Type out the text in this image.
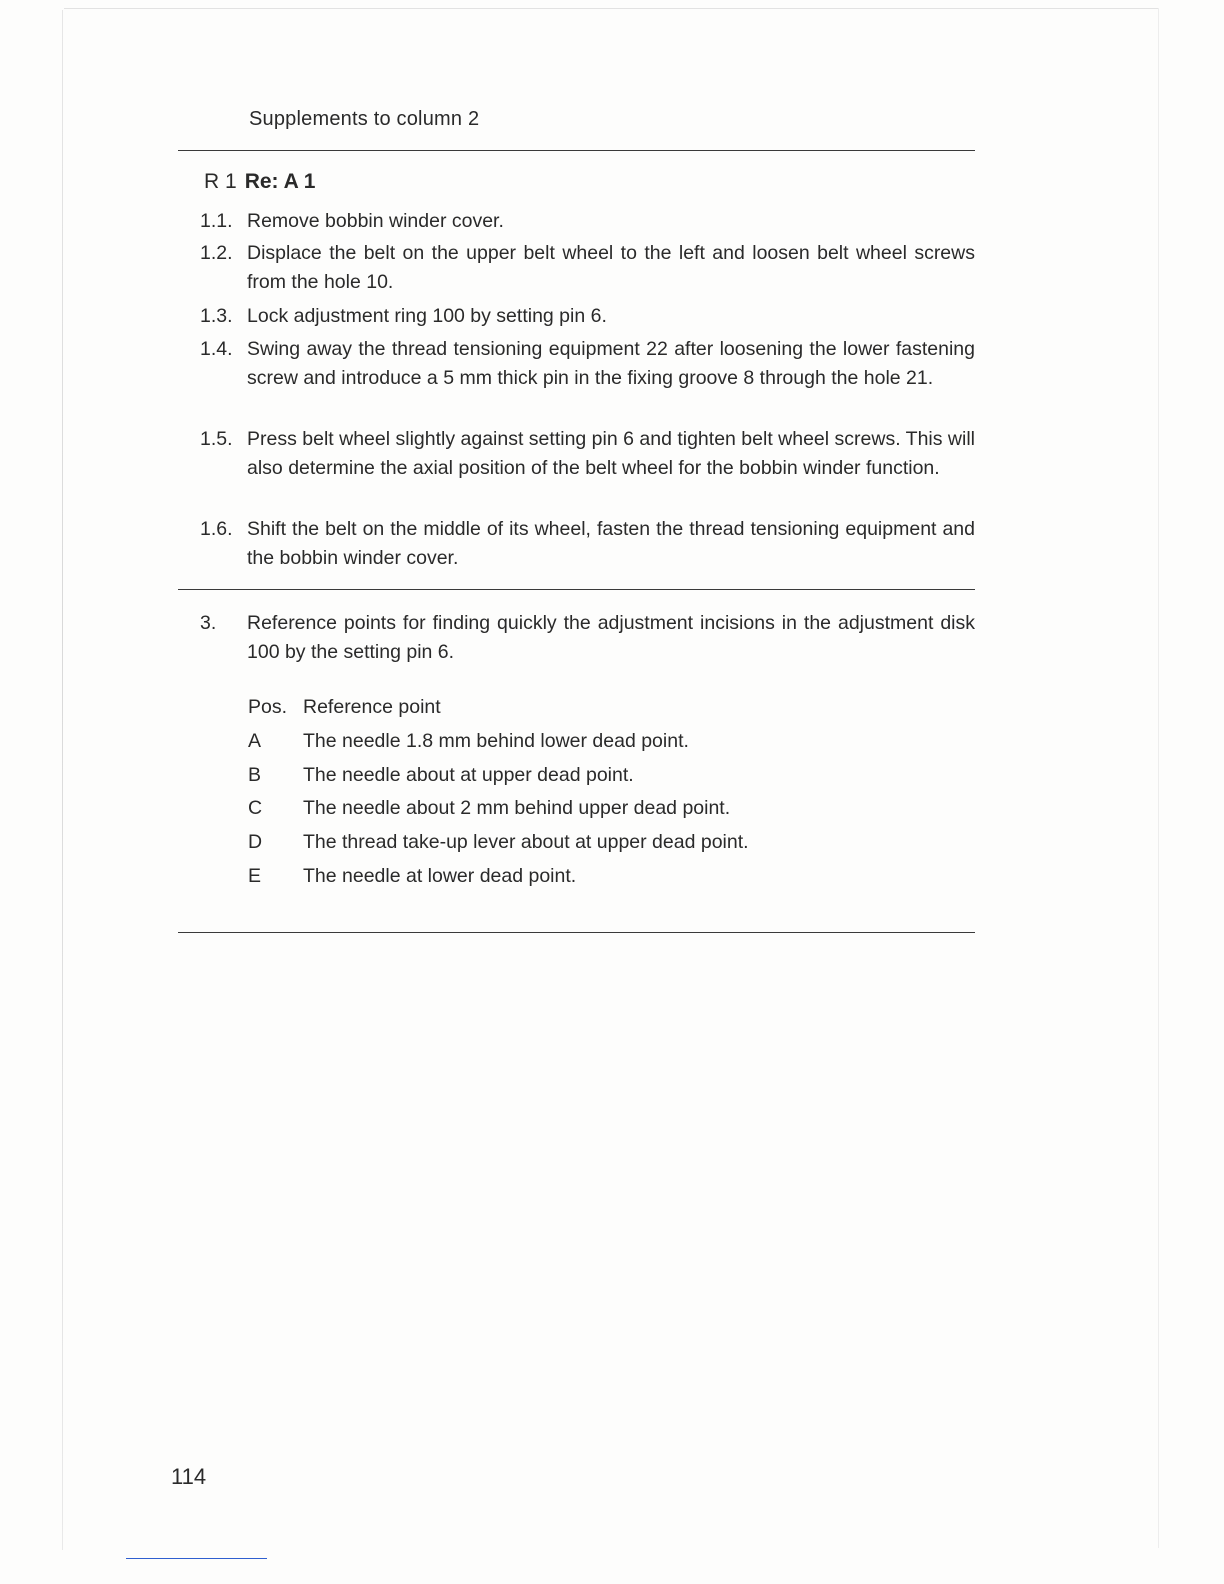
Supplements to column 2
R 1 Re: A 1
1.1. Remove bobbin winder cover.
1.2. Displace the belt on the upper belt wheel to the left and loosen belt wheel screws from the hole 10.
1.3. Lock adjustment ring 100 by setting pin 6.
1.4. Swing away the thread tensioning equipment 22 after loosening the lower fastening screw and introduce a 5 mm thick pin in the fixing groove 8 through the hole 21.
1.5. Press belt wheel slightly against setting pin 6 and tighten belt wheel screws. This will also determine the axial position of the belt wheel for the bobbin winder function.
1.6. Shift the belt on the middle of its wheel, fasten the thread tensioning equipment and the bobbin winder cover.
3.	Reference points for finding quickly the adjustment incisions in the adjustment disk 100 by the setting pin 6.
Pos. Reference point
A	The needle 1.8 mm behind lower dead point.
B	The needle about at upper dead point.
C	The needle about 2 mm behind upper dead point.
D	The thread take-up lever about at upper dead point.
E	The needle at lower dead point.
114
